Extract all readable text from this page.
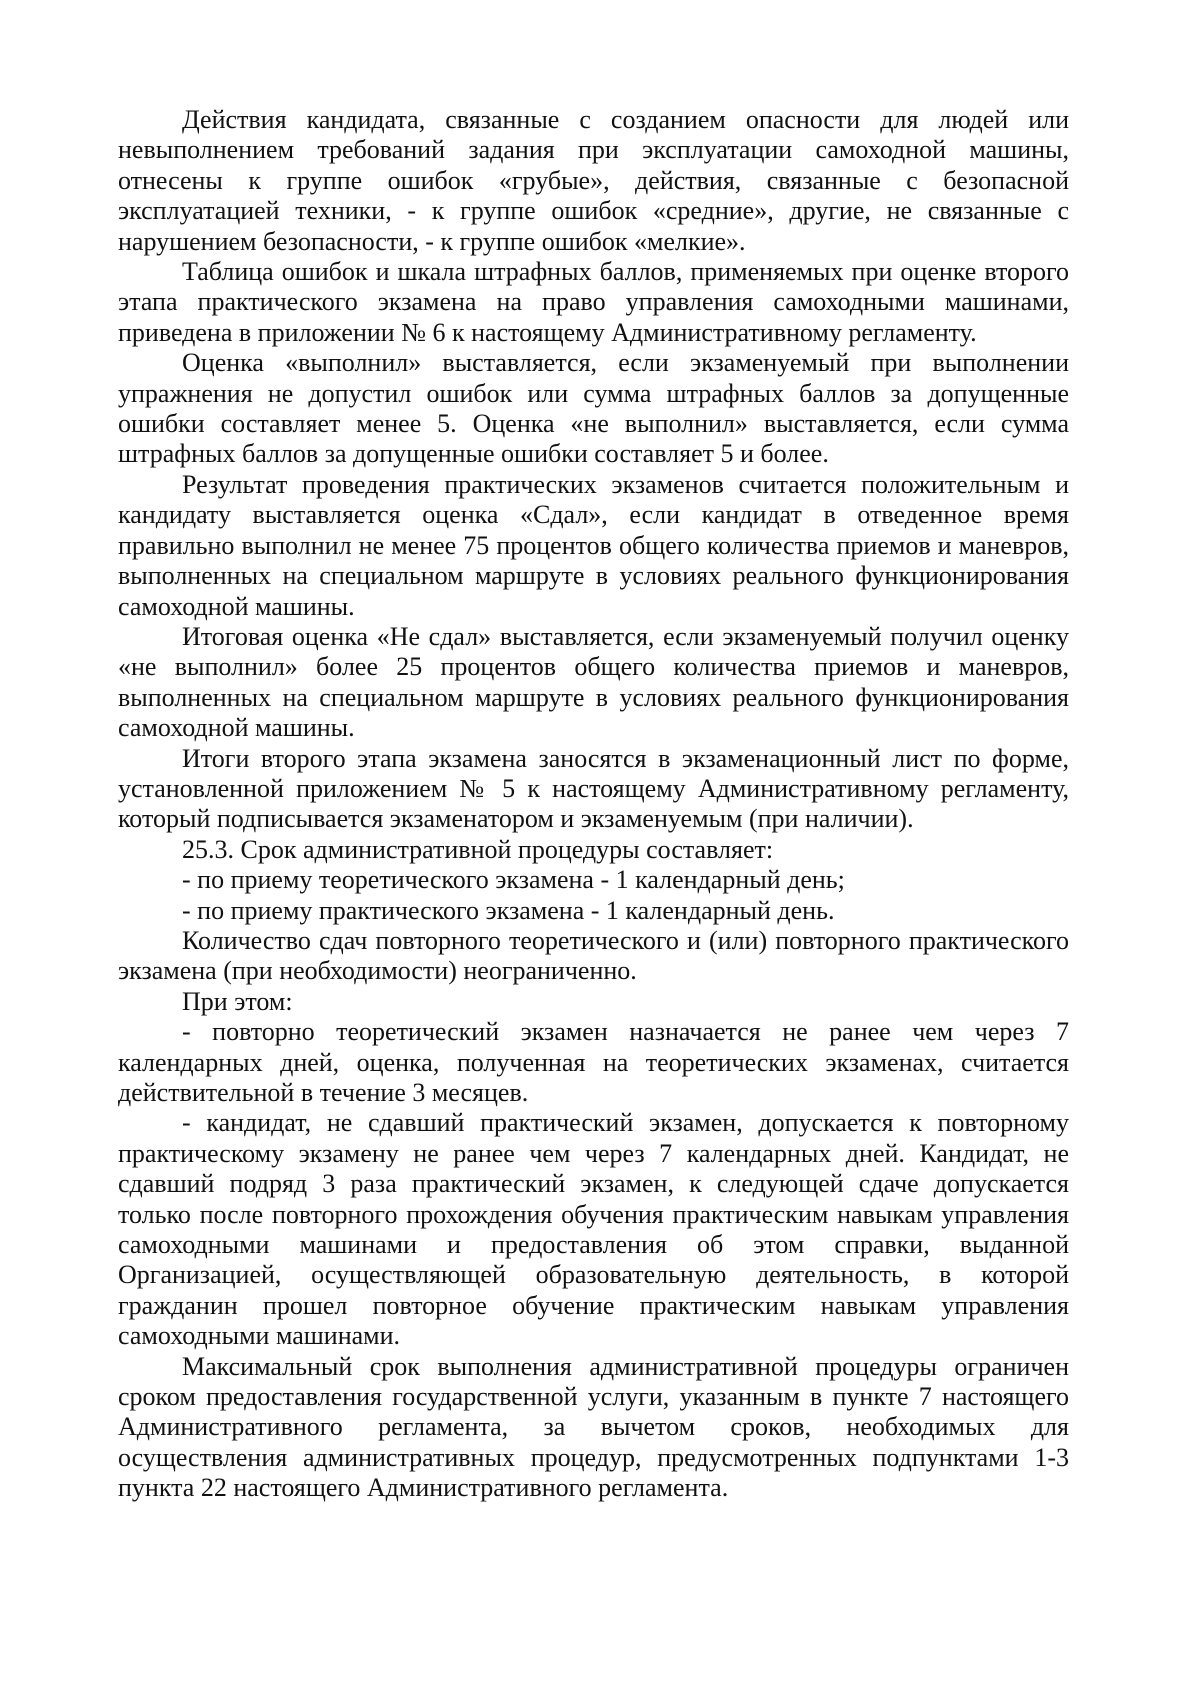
Действия кандидата, связанные с созданием опасности для людей или невыполнением требований задания при эксплуатации самоходной машины, отнесены к группе ошибок «грубые», действия, связанные с безопасной эксплуатацией техники, - к группе ошибок «средние», другие, не связанные с нарушением безопасности, - к группе ошибок «мелкие».

Таблица ошибок и шкала штрафных баллов, применяемых при оценке второго этапа практического экзамена на право управления самоходными машинами, приведена в приложении № 6 к настоящему Административному регламенту.

Оценка «выполнил» выставляется, если экзаменуемый при выполнении упражнения не допустил ошибок или сумма штрафных баллов за допущенные ошибки составляет менее 5. Оценка «не выполнил» выставляется, если сумма штрафных баллов за допущенные ошибки составляет 5 и более.

Результат проведения практических экзаменов считается положительным и кандидату выставляется оценка «Сдал», если кандидат в отведенное время правильно выполнил не менее 75 процентов общего количества приемов и маневров, выполненных на специальном маршруте в условиях реального функционирования самоходной машины.

Итоговая оценка «Не сдал» выставляется, если экзаменуемый получил оценку «не выполнил» более 25 процентов общего количества приемов и маневров, выполненных на специальном маршруте в условиях реального функционирования самоходной машины.

Итоги второго этапа экзамена заносятся в экзаменационный лист по форме, установленной приложением № 5 к настоящему Административному регламенту, который подписывается экзаменатором и экзаменуемым (при наличии).

25.3. Срок административной процедуры составляет:

- по приему теоретического экзамена - 1 календарный день;

- по приему практического экзамена - 1 календарный день.

Количество сдач повторного теоретического и (или) повторного практического экзамена (при необходимости) неограниченно.

При этом:

- повторно теоретический экзамен назначается не ранее чем через 7 календарных дней, оценка, полученная на теоретических экзаменах, считается действительной в течение 3 месяцев.

- кандидат, не сдавший практический экзамен, допускается к повторному практическому экзамену не ранее чем через 7 календарных дней. Кандидат, не сдавший подряд 3 раза практический экзамен, к следующей сдаче допускается только после повторного прохождения обучения практическим навыкам управления самоходными машинами и предоставления об этом справки, выданной Организацией, осуществляющей образовательную деятельность, в которой гражданин прошел повторное обучение практическим навыкам управления самоходными машинами.

Максимальный срок выполнения административной процедуры ограничен сроком предоставления государственной услуги, указанным в пункте 7 настоящего Административного регламента, за вычетом сроков, необходимых для осуществления административных процедур, предусмотренных подпунктами 1-3 пункта 22 настоящего Административного регламента.
